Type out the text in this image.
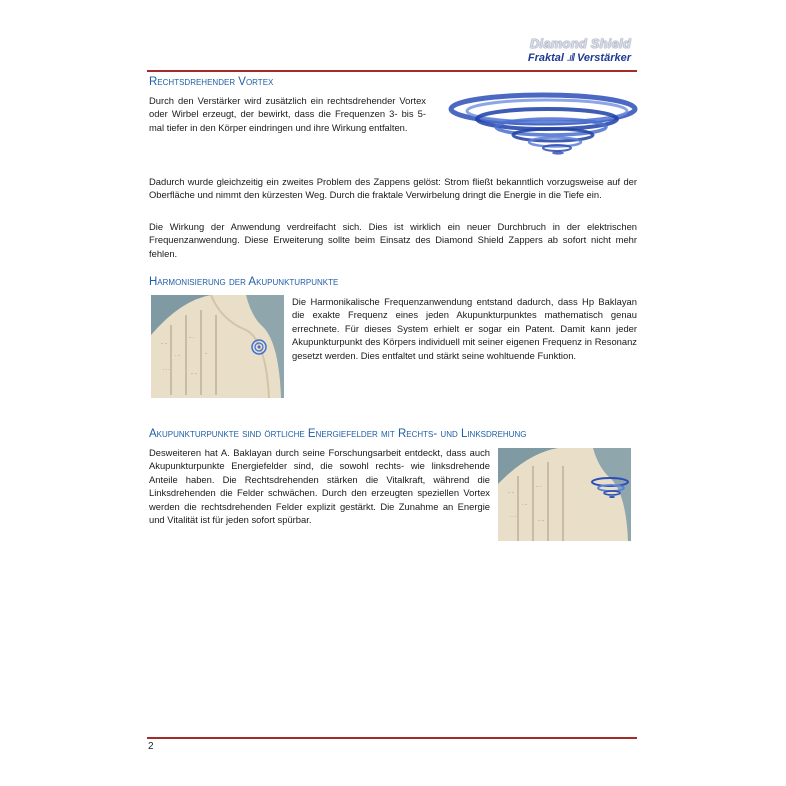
Diamond Shield
Fraktal .ıll Verstärker
Rechtsdrehender Vortex

Durch den Verstärker wird zusätzlich ein rechtsdrehender Vortex oder Wirbel erzeugt, der bewirkt, dass die Frequenzen 3- bis 5-mal tiefer in den Körper eindringen und ihre Wirkung entfalten.

Dadurch wurde gleichzeitig ein zweites Problem des Zappens gelöst: Strom fließt bekanntlich vorzugsweise auf der Oberfläche und nimmt den kürzesten Weg. Durch die fraktale Verwirbelung dringt die Energie in die Tiefe ein.

Die Wirkung der Anwendung verdreifacht sich. Dies ist wirklich ein neuer Durchbruch in der elektrischen Frequenzanwendung. Diese Erweiterung sollte beim Einsatz des Diamond Shield Zappers ab sofort nicht mehr fehlen.

Harmonisierung der Akupunkturpunkte
·· ··
· ··
·· ·
· · ·
·· ··
··

Die Harmonikalische Frequenzanwendung entstand dadurch, dass Hp Baklayan die exakte Frequenz eines jeden Akupunkturpunktes mathematisch genau errechnete. Für dieses System erhielt er sogar ein Patent. Damit kann jeder Akupunkturpunkt des Körpers individuell mit seiner eigenen Frequenz in Resonanz gesetzt werden. Dies entfaltet und stärkt seine wohltuende Funktion.

Akupunkturpunkte sind örtliche Energiefelder mit Rechts- und Linksdrehung

Desweiteren hat A. Baklayan durch seine Forschungsarbeit entdeckt, dass auch Akupunkturpunkte Energiefelder sind, die sowohl rechts- wie linksdrehende Anteile haben. Die Rechtsdrehenden stärken die Vitalkraft, während die Linksdrehenden die Felder schwächen. Durch den erzeugten speziellen Vortex werden die rechtsdrehenden Felder explizit gestärkt. Die Zunahme an Energie und Vitalität ist für jeden sofort spürbar.

·· ··
· ··
·· ·
· · ·
·· ··
2
